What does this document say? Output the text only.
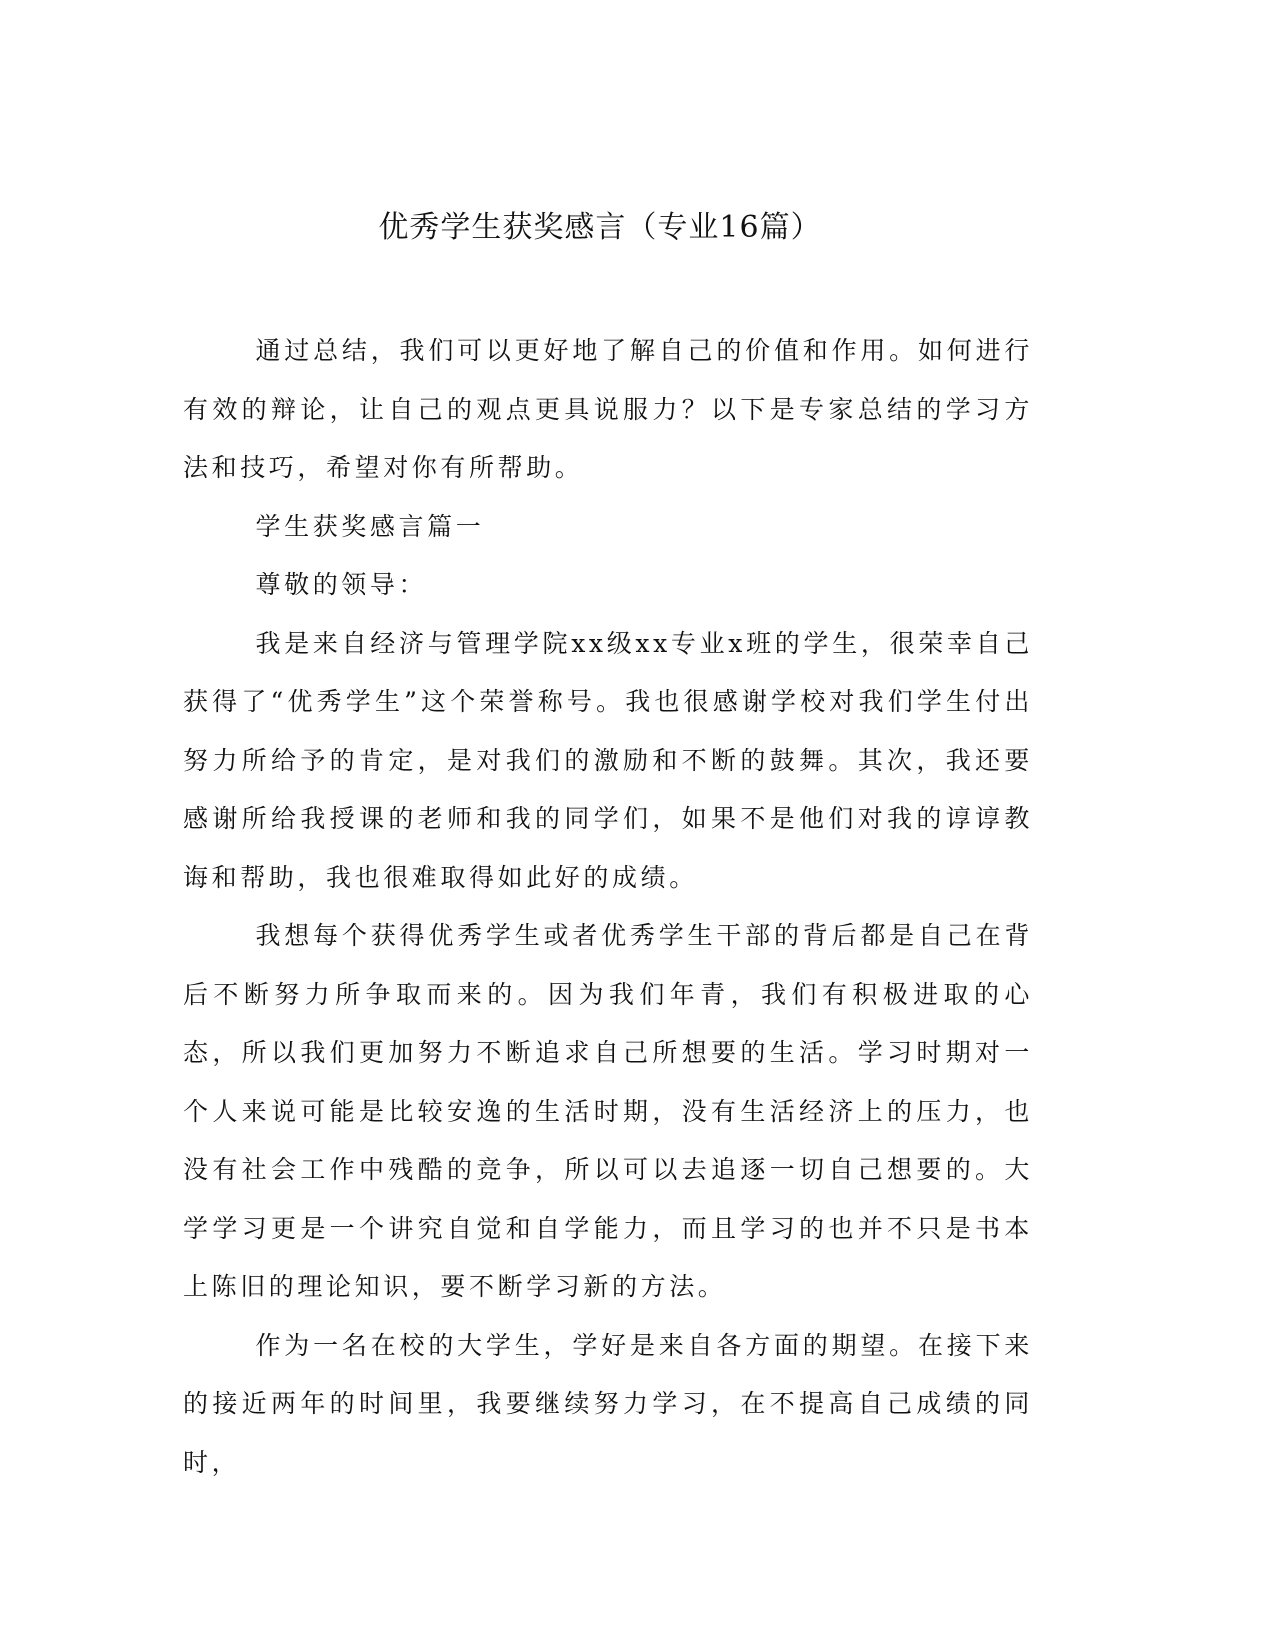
优秀学生获奖感言（专业16篇）

通过总结，我们可以更好地了解自己的价值和作用。如何进行有效的辩论，让自己的观点更具说服力？以下是专家总结的学习方法和技巧，希望对你有所帮助。

学生获奖感言篇一

尊敬的领导：

我是来自经济与管理学院xx级xx专业x班的学生，很荣幸自己获得了“优秀学生”这个荣誉称号。我也很感谢学校对我们学生付出努力所给予的肯定，是对我们的激励和不断的鼓舞。其次，我还要感谢所给我授课的老师和我的同学们，如果不是他们对我的谆谆教诲和帮助，我也很难取得如此好的成绩。

我想每个获得优秀学生或者优秀学生干部的背后都是自己在背后不断努力所争取而来的。因为我们年青，我们有积极进取的心态，所以我们更加努力不断追求自己所想要的生活。学习时期对一个人来说可能是比较安逸的生活时期，没有生活经济上的压力，也没有社会工作中残酷的竞争，所以可以去追逐一切自己想要的。大学学习更是一个讲究自觉和自学能力，而且学习的也并不只是书本上陈旧的理论知识，要不断学习新的方法。

作为一名在校的大学生，学好是来自各方面的期望。在接下来的接近两年的时间里，我要继续努力学习，在不提高自己成绩的同时，
